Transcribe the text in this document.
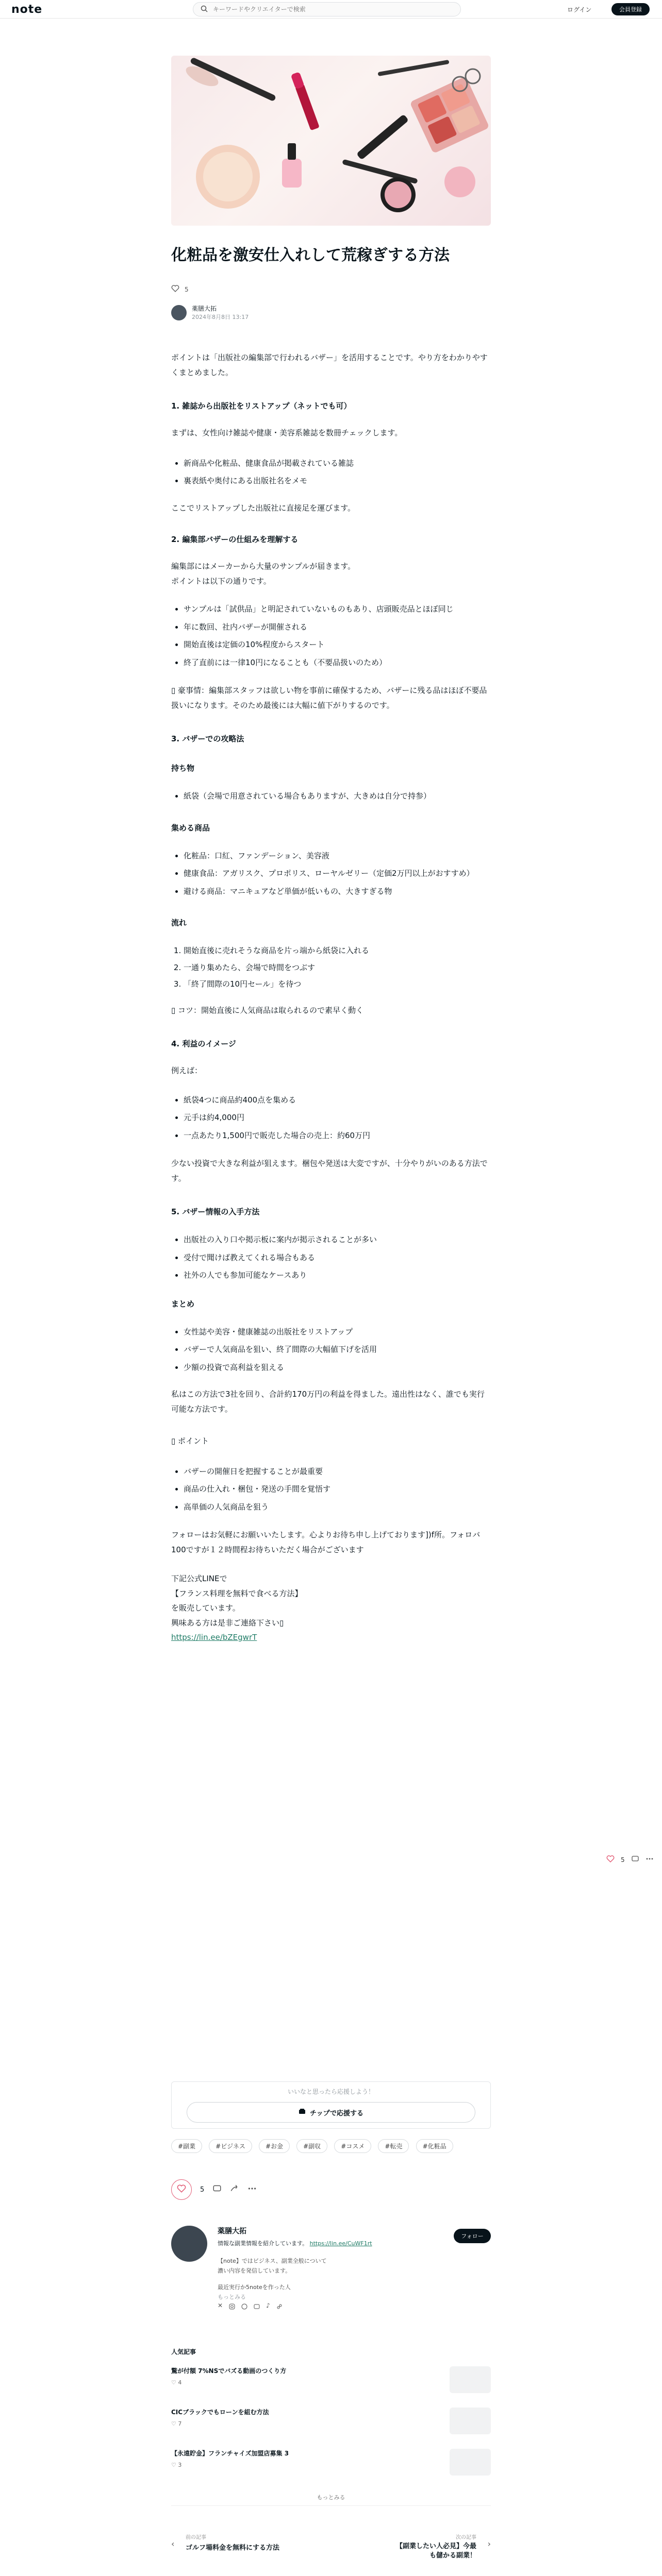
note
キーワードやクリエイターで検索	ログイン	会員登録
化粧品を激安仕入れして荒稼ぎする方法
5
薬膳大拓
2024年8月8日 13:17

ポイントは「出版社の編集部で行われるバザー」を活用することです。やり方をわかりやすくまとめました。

1. 雑誌から出版社をリストアップ（ネットでも可）

まずは、女性向け雑誌や健康・美容系雑誌を数冊チェックします。

• 新商品や化粧品、健康食品が掲載されている雑誌
• 裏表紙や奥付にある出版社名をメモ

ここでリストアップした出版社に直接足を運びます。

2. 編集部バザーの仕組みを理解する

編集部にはメーカーから大量のサンプルが届きます。

ポイントは以下の通りです。

• サンプルは「試供品」と明記されていないものもあり、店頭販売品とほぼ同じ
• 年に数回、社内バザーが開催される
• 開始直後は定価の10%程度からスタート
• 終了直前には一律10円になることも（不要品扱いのため）

▯ 豪事情：編集部スタッフは欲しい物を事前に確保するため、バザーに残る品はほぼ不要品扱いになります。そのため最後には大幅に値下がりするのです。

3. バザーでの攻略法

持ち物

• 紙袋（会場で用意されている場合もありますが、大きめは自分で持参）

集める商品

• 化粧品：口紅、ファンデーション、美容液
• 健康食品：アガリスク、プロポリス、ローヤルゼリー（定価2万円以上がおすすめ）
• 避ける商品：マニキュアなど単価が低いもの、大きすぎる物

流れ

1. 開始直後に売れそうな商品を片っ端から紙袋に入れる
2. 一通り集めたら、会場で時間をつぶす
3. 「終了間際の10円セール」を待つ

▯ コツ：開始直後に人気商品は取られるので素早く動く

4. 利益のイメージ

例えば：

• 紙袋4つに商品約400点を集める
• 元手は約4,000円
• 一点あたり1,500円で販売した場合の売上：約60万円

少ない投資で大きな利益が狙えます。梱包や発送は大変ですが、十分やりがいのある方法です。

5. バザー情報の入手方法

• 出版社の入り口や掲示板に案内が掲示されることが多い
• 受付で聞けば教えてくれる場合もある
• 社外の人でも参加可能なケースあり

まとめ

• 女性誌や美容・健康雑誌の出版社をリストアップ
• バザーで人気商品を狙い、終了間際の大幅値下げを活用
• 少額の投資で高利益を狙える

私はこの方法で3社を回り、合計約170万円の利益を得ました。遠出性はなく、誰でも実行可能な方法です。

▯ ポイント

• バザーの開催日を把握することが最重要
• 商品の仕入れ・梱包・発送の手間を覚悟す
• 高単価の人気商品を狙う

フォローはお気軽にお願いいたします。心よりお待ち申し上げております])f所。フォロバ100ですが１２時間程お待ちいただく場合がございます

下記公式LINEで

【フランス料理を無料で食べる方法】

を販売しています。

興味ある方は是非ご連絡下さい▯

https://lin.ee/bZEgwrT

5
いいなと思ったら応援しよう！
チップで応援する
#副業	#ビジネス	#お金	#副収	#コスメ	#転売	#化粧品
5
薬膳大拓
情報な副業情報を紹介しています。 https://lin.ee/CuWF1rt
【note】ではビジネス、副業全般について
濃い内容を発信しています。
最近実行か5noteを作った人
もっとみる
✕	♪
フォロー
人気記事
驚が付額 7%NSでバズる動画のつくり方
♡ 4
CICブラックでもローンを組む方法
♡ 7
【永遠貯金】フランチャイズ加盟店募集 3
♡ 3
もっとみる
‹
前の記事
ゴルフ場料金を無料にする方法
次の記事
【副業したい人必見】今最も儲かる副業！
›
